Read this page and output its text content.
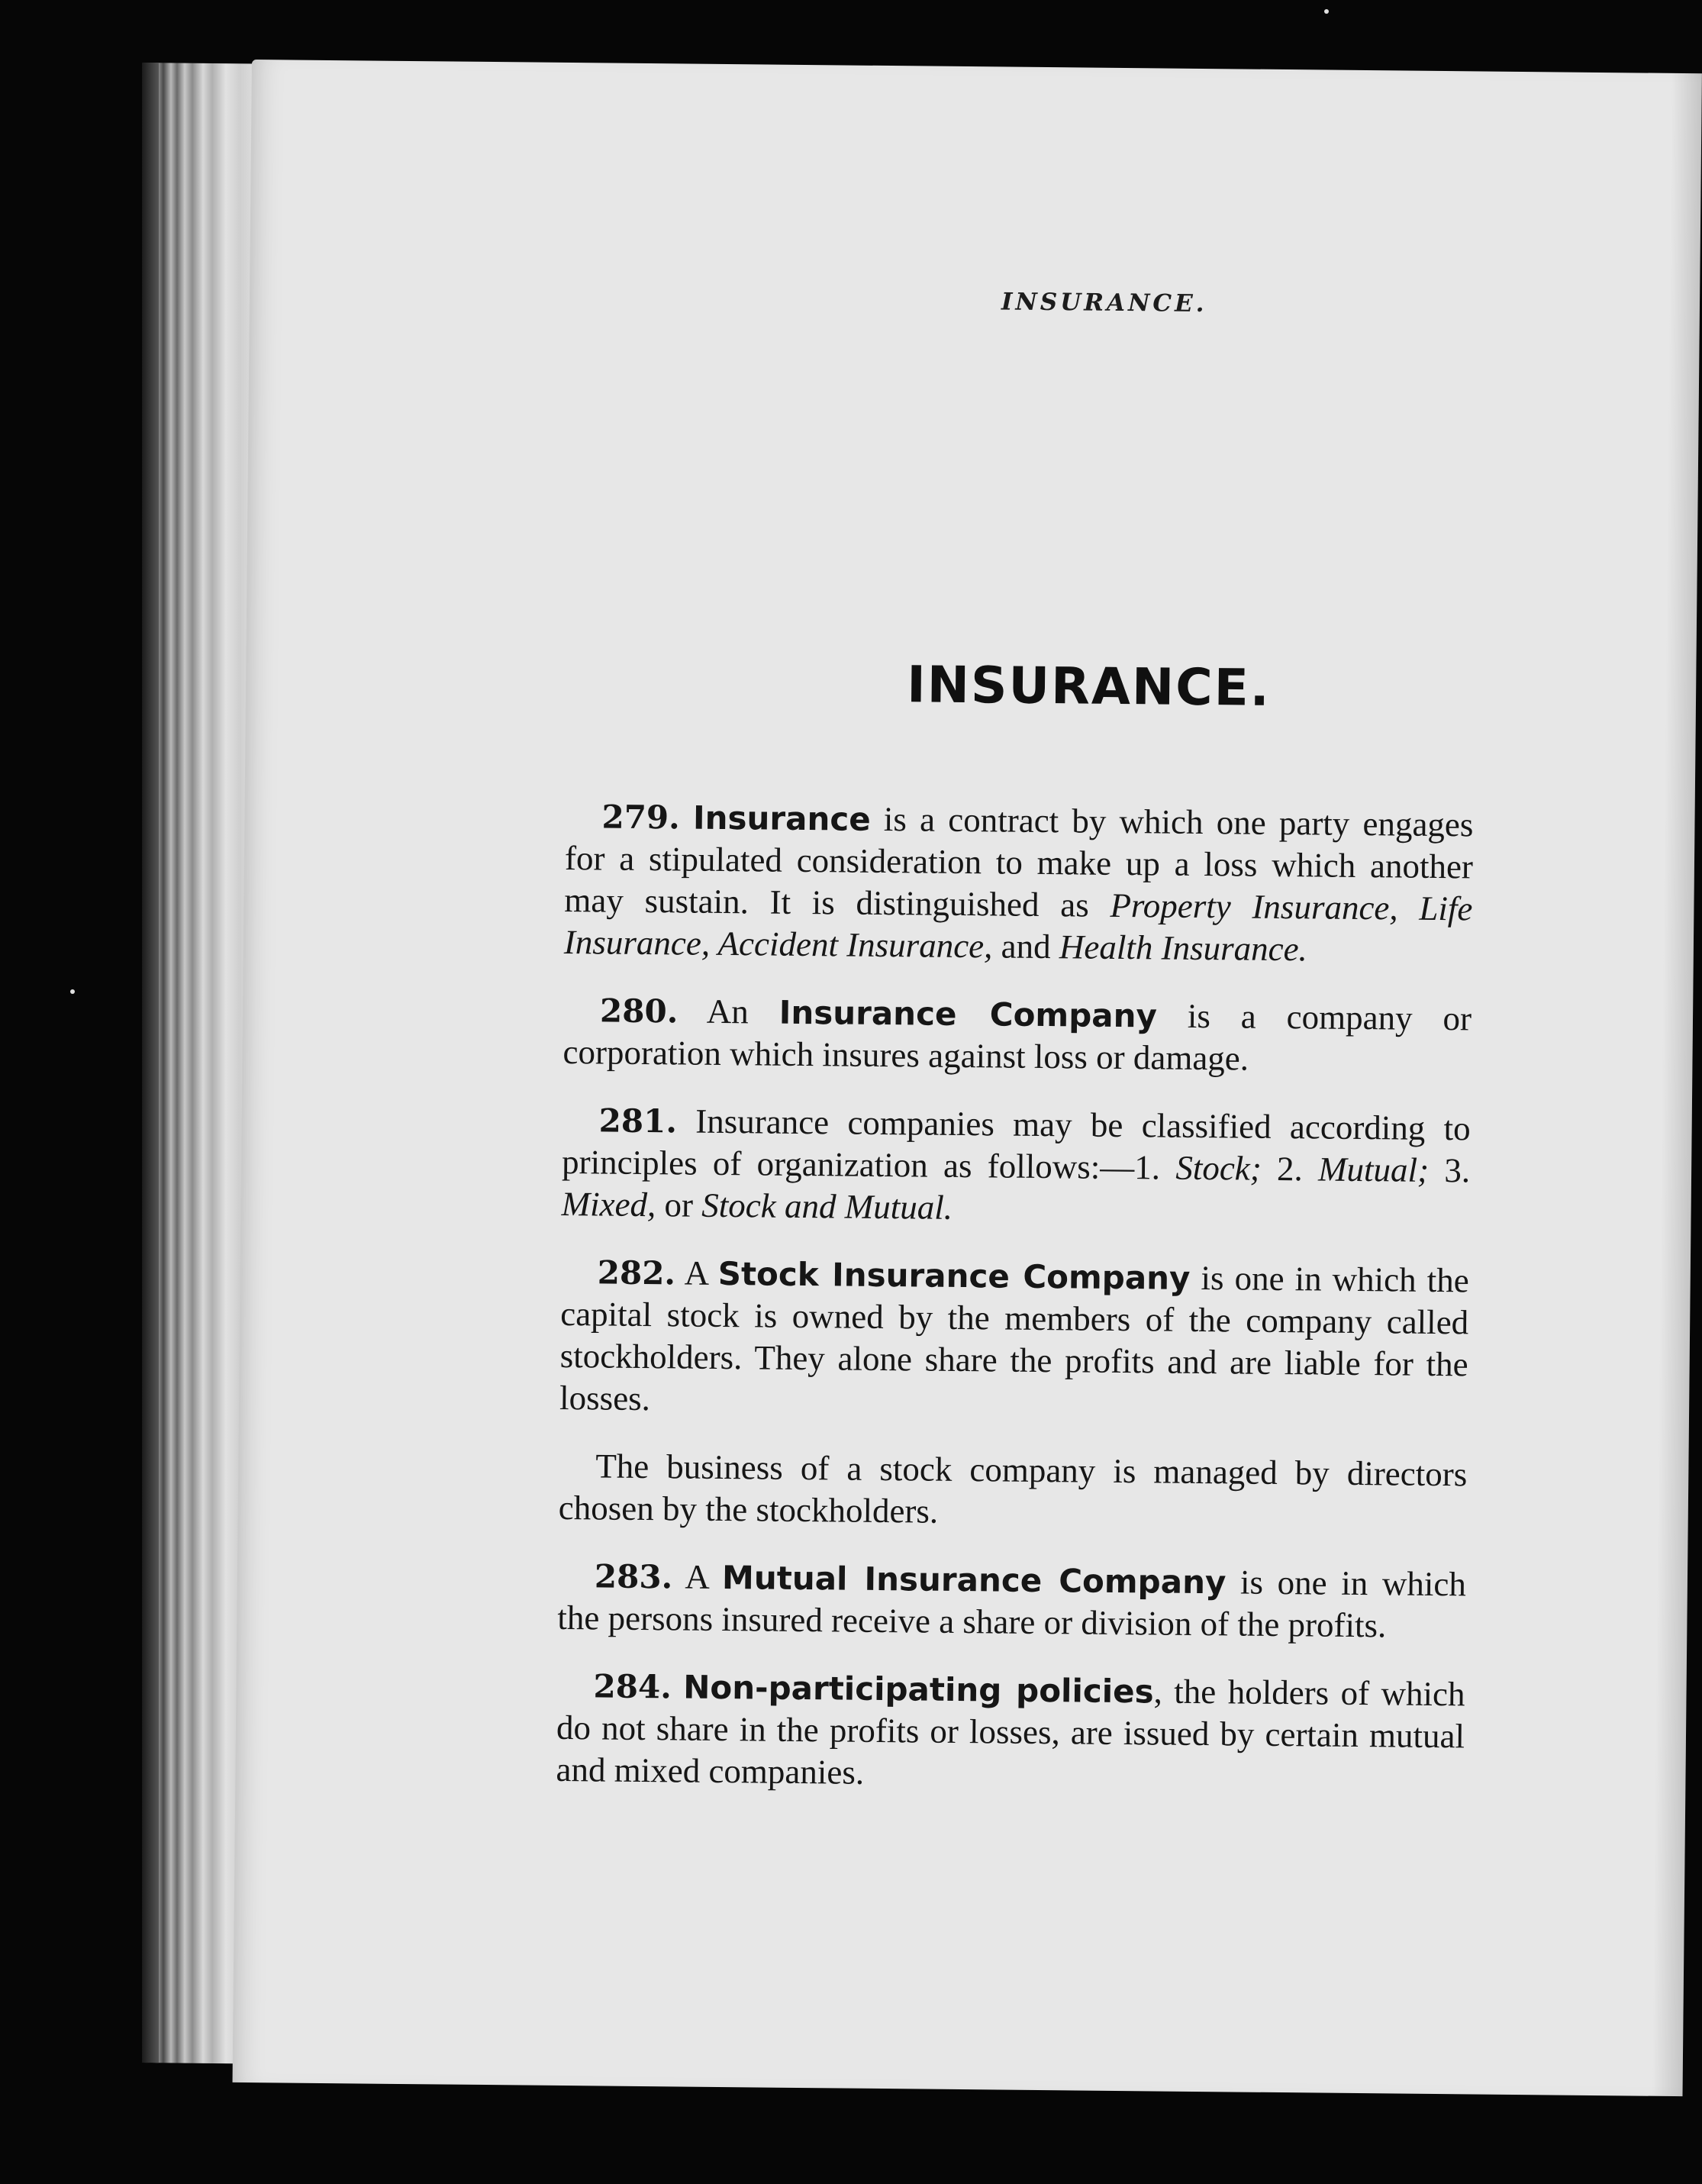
INSURANCE.
INSURANCE.

279. Insurance is a contract by which one party engages for a stipulated consideration to make up a loss which another may sustain. It is distinguished as Property Insurance, Life Insurance, Accident Insurance, and Health Insurance.

280. An Insurance Company is a company or corporation which insures against loss or damage.

281. Insurance companies may be classified according to principles of organization as follows:—1. Stock; 2. Mutual; 3. Mixed, or Stock and Mutual.

282. A Stock Insurance Company is one in which the capital stock is owned by the members of the company called stockholders. They alone share the profits and are liable for the losses.

The business of a stock company is managed by directors chosen by the stockholders.

283. A Mutual Insurance Company is one in which the persons insured receive a share or division of the profits.

284. Non-participating policies, the holders of which do not share in the profits or losses, are issued by certain mutual and mixed companies.
